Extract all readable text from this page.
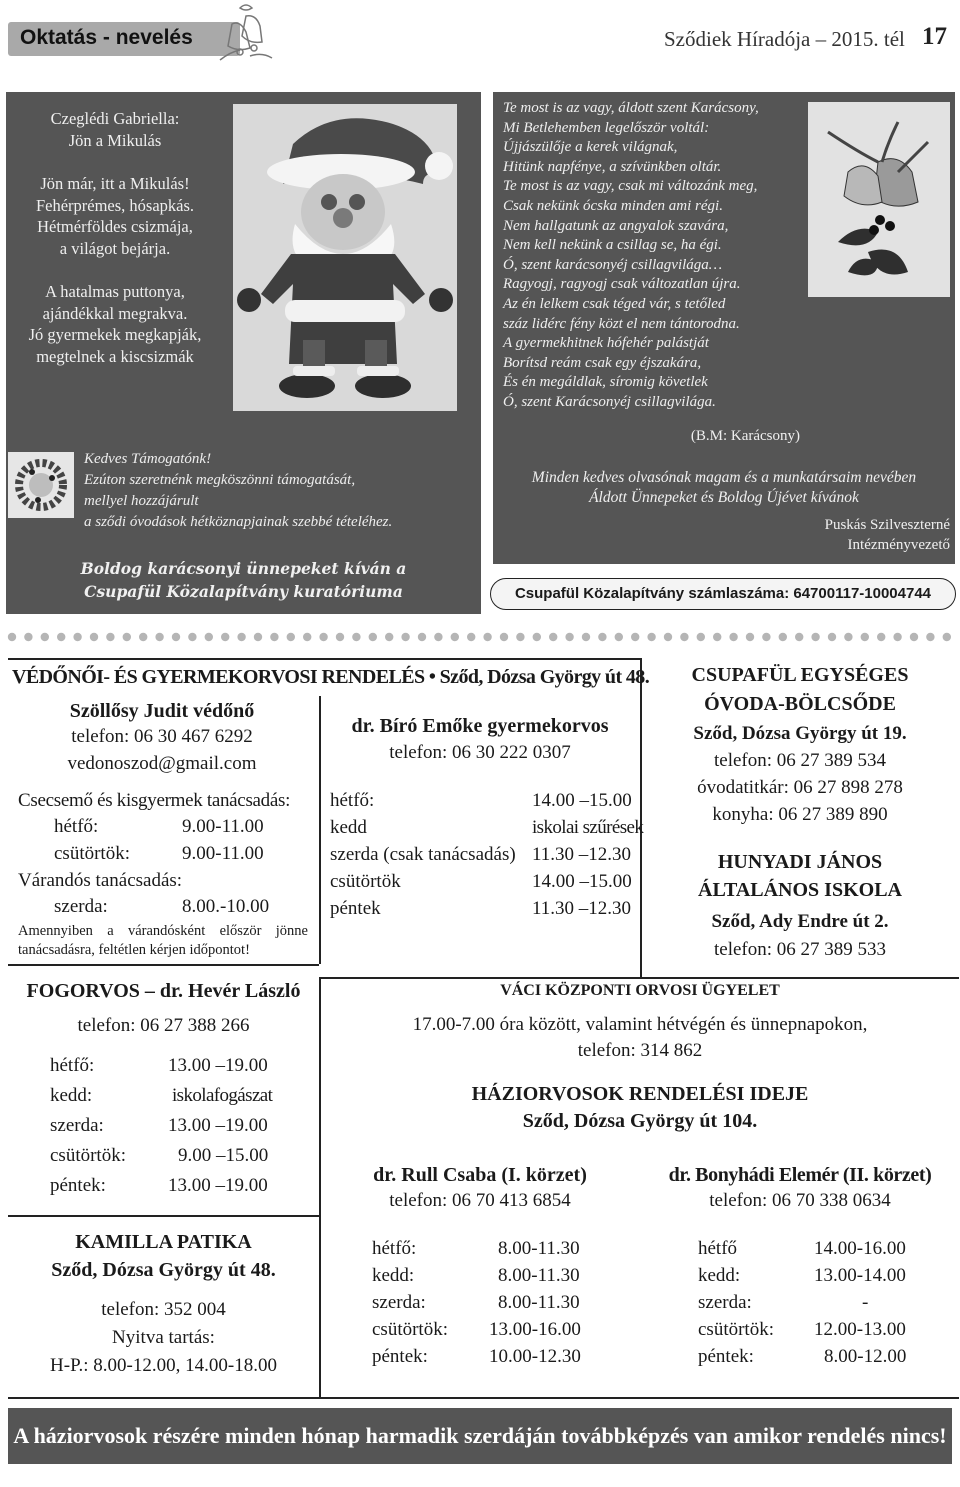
Oktatás - nevelés	Sződiek Híradója – 2015. tél 17

Czeglédi Gabriella:

Jön a Mikulás

Jön már, itt a Mikulás!

Fehérprémes, hósapkás.

Hétmérföldes csizmája,

a világot bejárja.

A hatalmas puttonya,

ajándékkal megrakva.

Jó gyermekek megkapják,

megtelnek a kiscsizmák

Kedves Támogatónk!

Ezúton szeretnénk megköszönni támogatását,

mellyel hozzájárult

a sződi óvodások hétköznapjainak szebbé tételéhez.

Boldog karácsonyi ünnepeket kíván a
Csupafül Közalapítvány kuratóriuma

Te most is az vagy, áldott szent Karácsony,

Mi Betlehemben legelőször voltál:

Újjászülője a kerek világnak,

Hitünk napfénye, a szívünkben oltár.

Te most is az vagy, csak mi változánk meg,

Csak nekünk ócska minden ami régi.

Nem hallgatunk az angyalok szavára,

Nem kell nekünk a csillag se, ha égi.

Ó, szent karácsonyéj csillagvilága…

Ragyogj, ragyogj csak változatlan újra.

Az én lelkem csak téged vár, s tetőled

száz lidérc fény közt el nem tántorodna.

A gyermekhitnek hófehér palástját

Borítsd reám csak egy éjszakára,

És én megáldlak, síromig követlek

Ó, szent Karácsonyéj csillagvilága.

(B.M: Karácsony)

Minden kedves olvasónak magam és a munkatársaim nevében

Áldott Ünnepeket és Boldog Újévet kívánok

Puskás Szilveszterné

Intézményvezető

Csupafül Közalapítvány számlaszáma: 64700117-10004744
VÉDŐNŐI- ÉS GYERMEKORVOSI RENDELÉS • Sződ, Dózsa György út 48.
Szöllősy Judit védőnő
telefon: 06 30 467 6292
vedonoszod@gmail.com
Csecsemő és kisgyermek tanácsadás:
hétfő:	9.00-11.00
csütörtök:	9.00-11.00
Várandós tanácsadás:
szerda:	8.00.-10.00
Amennyiben a várandósként először jönne
tanácsadásra, feltétlen kérjen időpontot!
dr. Bíró Emőke gyermekorvos
telefon: 06 30 222 0307
hétfő:	14.00 –15.00
kedd	iskolai szűrések
szerda (csak tanácsadás) 11.30 –12.30
csütörtök	14.00 –15.00
péntek	11.30 –12.30
CSUPAFÜL EGYSÉGES
ÓVODA-BÖLCSŐDE
Sződ, Dózsa György út 19.
telefon: 06 27 389 534
óvodatitkár: 06 27 898 278
konyha: 06 27 389 890
HUNYADI JÁNOS
ÁLTALÁNOS ISKOLA
Sződ, Ady Endre út 2.
telefon: 06 27 389 533
FOGORVOS – dr. Hevér László
telefon: 06 27 388 266
hétfő:	13.00 –19.00
kedd:	iskolafogászat
szerda:	13.00 –19.00
csütörtök:	9.00 –15.00
péntek:	13.00 –19.00
KAMILLA PATIKA
Sződ, Dózsa György út 48.
telefon: 352 004
Nyitva tartás:
H-P.: 8.00-12.00, 14.00-18.00
VÁCI KÖZPONTI ORVOSI ÜGYELET
17.00-7.00 óra között, valamint hétvégén és ünnepnapokon,
telefon: 314 862
HÁZIORVOSOK RENDELÉSI IDEJE
Sződ, Dózsa György út 104.
dr. Rull Csaba (I. körzet)
telefon: 06 70 413 6854
hétfő:	8.00-11.30
kedd:	8.00-11.30
szerda:	8.00-11.30
csütörtök: 13.00-16.00
péntek:	10.00-12.30
dr. Bonyhádi Elemér (II. körzet)
telefon: 06 70 338 0634
hétfő	14.00-16.00
kedd:	13.00-14.00
szerda:	-
csütörtök: 12.00-13.00
péntek:	8.00-12.00
A háziorvosok részére minden hónap harmadik szerdáján továbbképzés van amikor rendelés nincs!
